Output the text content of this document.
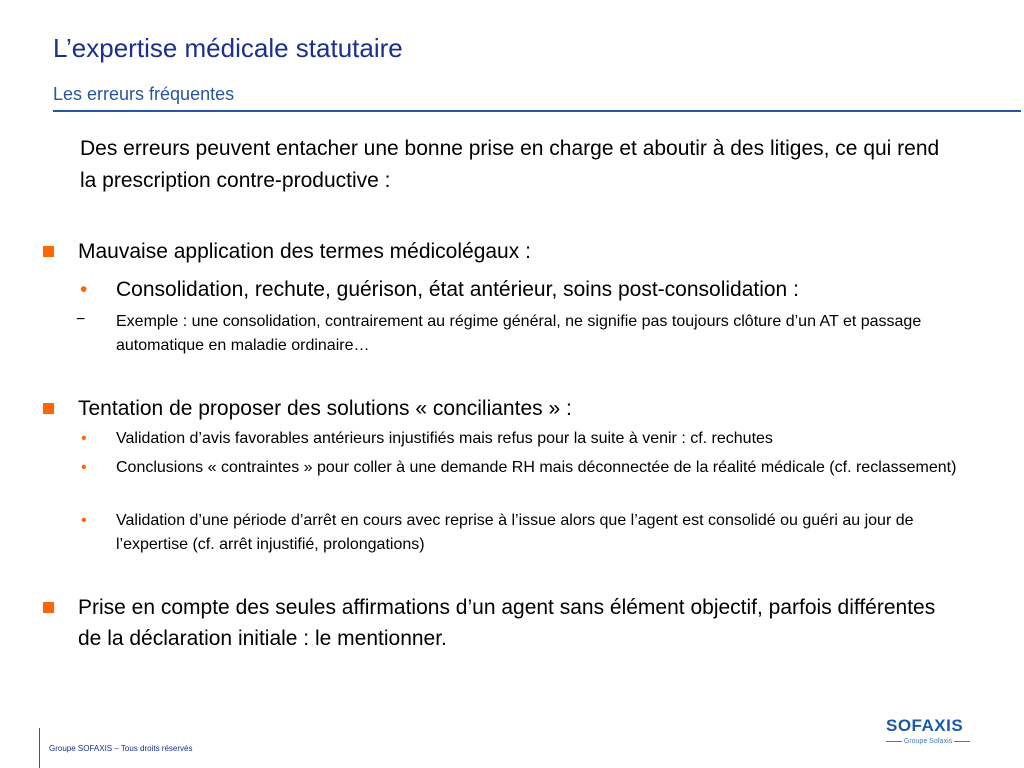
L’expertise médicale statutaire
Les erreurs fréquentes
Des erreurs peuvent entacher une bonne prise en charge et aboutir à des litiges, ce qui rend la prescription contre-productive :
Mauvaise application des termes médicolégaux :
• Consolidation, rechute, guérison, état antérieur, soins post-consolidation :
− Exemple : une consolidation, contrairement au régime général, ne signifie pas toujours clôture d’un AT et passage automatique en maladie ordinaire…
Tentation de proposer des solutions « conciliantes » :
• Validation d’avis favorables antérieurs injustifiés mais refus pour la suite à venir : cf. rechutes
• Conclusions « contraintes » pour coller à une demande RH mais déconnectée de la réalité médicale (cf. reclassement)
• Validation d’une période d’arrêt en cours avec reprise à l’issue alors que l’agent est consolidé ou guéri au jour de l’expertise (cf. arrêt injustifié, prolongations)
Prise en compte des seules affirmations d’un agent sans élément objectif, parfois différentes de la déclaration initiale : le mentionner.
Groupe SOFAXIS – Tous droits réservés
SOFAXIS
Groupe Sofaxis
